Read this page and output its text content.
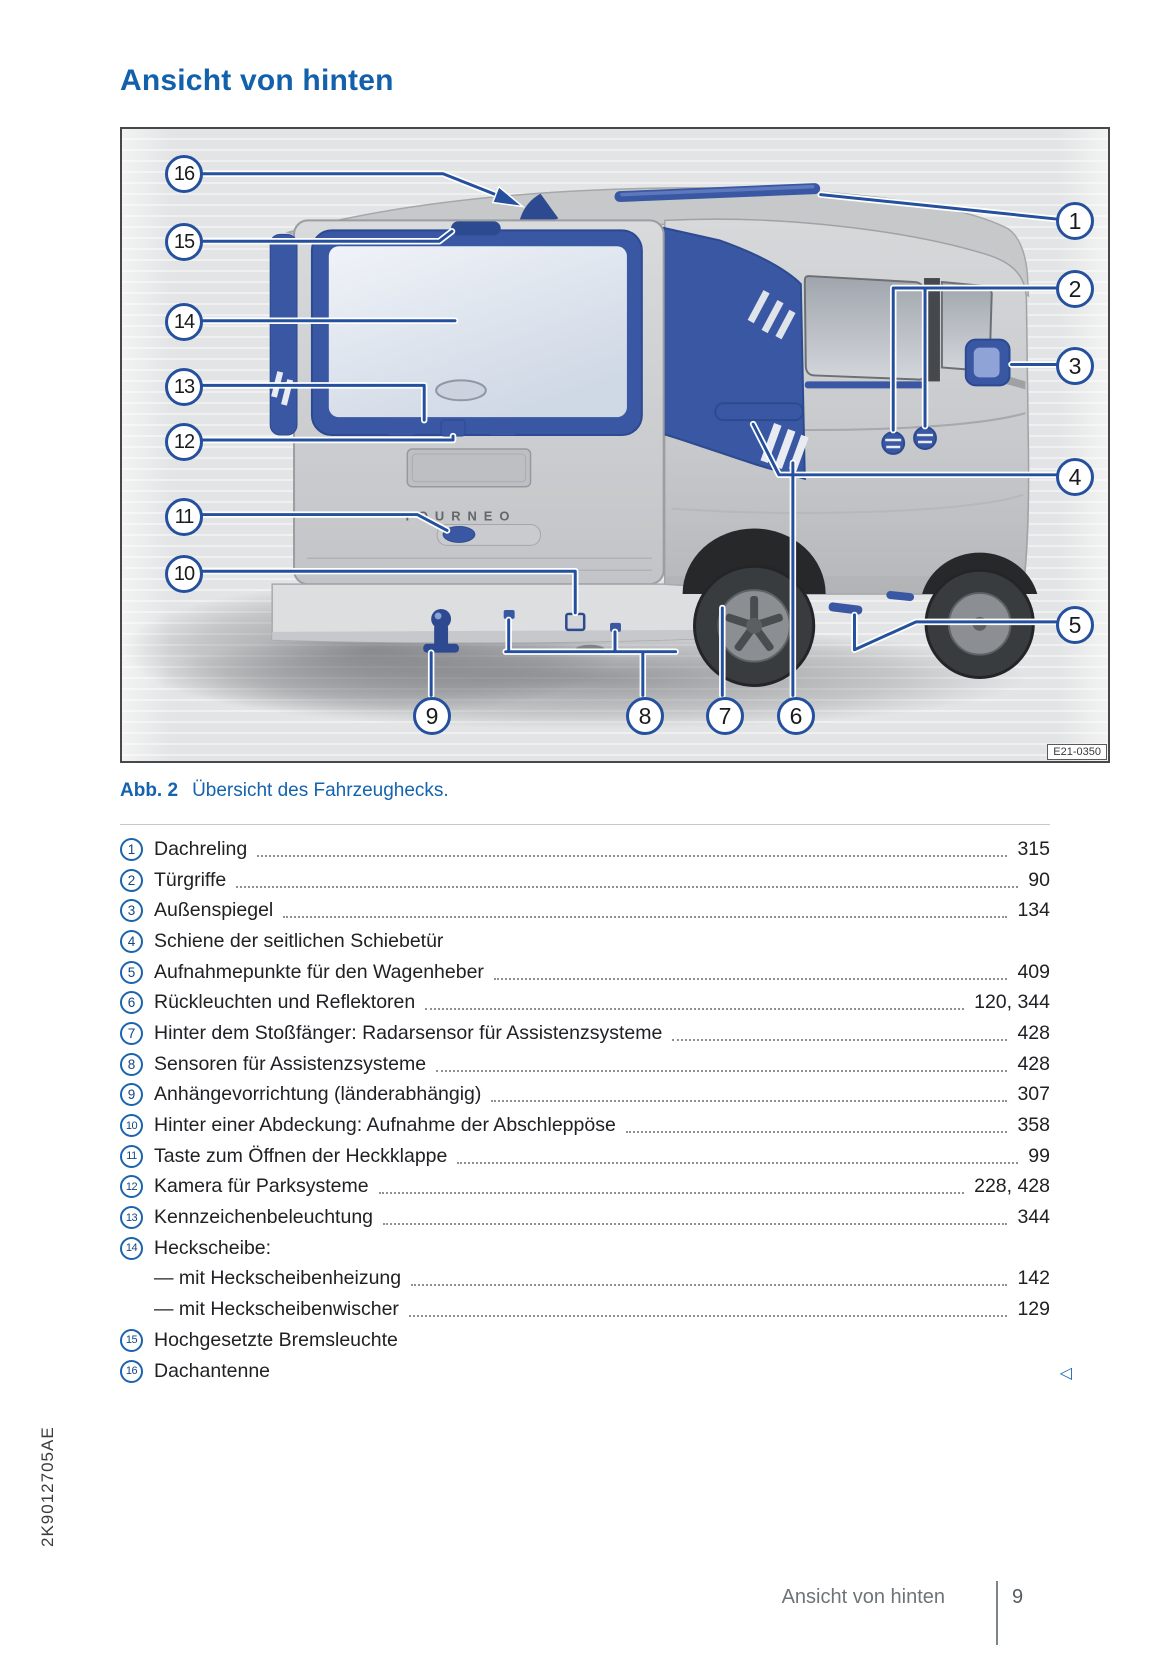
Ansicht von hinten
TOURNEO
1
2
3
4
5
6
7
8
9
10
11
12
13
14
15
16
E21-0350
Abb. 2 Übersicht des Fahrzeughecks.
1 Dachreling	315
2 Türgriffe	90
3 Außenspiegel	134
4 Schiene der seitlichen Schiebetür
5 Aufnahmepunkte für den Wagenheber	409
6 Rückleuchten und Reflektoren	120, 344
7 Hinter dem Stoßfänger: Radarsensor für Assistenzsysteme	428
8 Sensoren für Assistenzsysteme	428
9 Anhängevorrichtung (länderabhängig)	307
10 Hinter einer Abdeckung: Aufnahme der Abschleppöse	358
11 Taste zum Öffnen der Heckklappe	99
12 Kamera für Parksysteme	228, 428
13 Kennzeichenbeleuchtung	344
14 Heckscheibe:
— mit Heckscheibenheizung	142
— mit Heckscheibenwischer	129
15 Hochgesetzte Bremsleuchte
16 Dachantenne	◁
Ansicht von hinten	9
2K9012705AE
